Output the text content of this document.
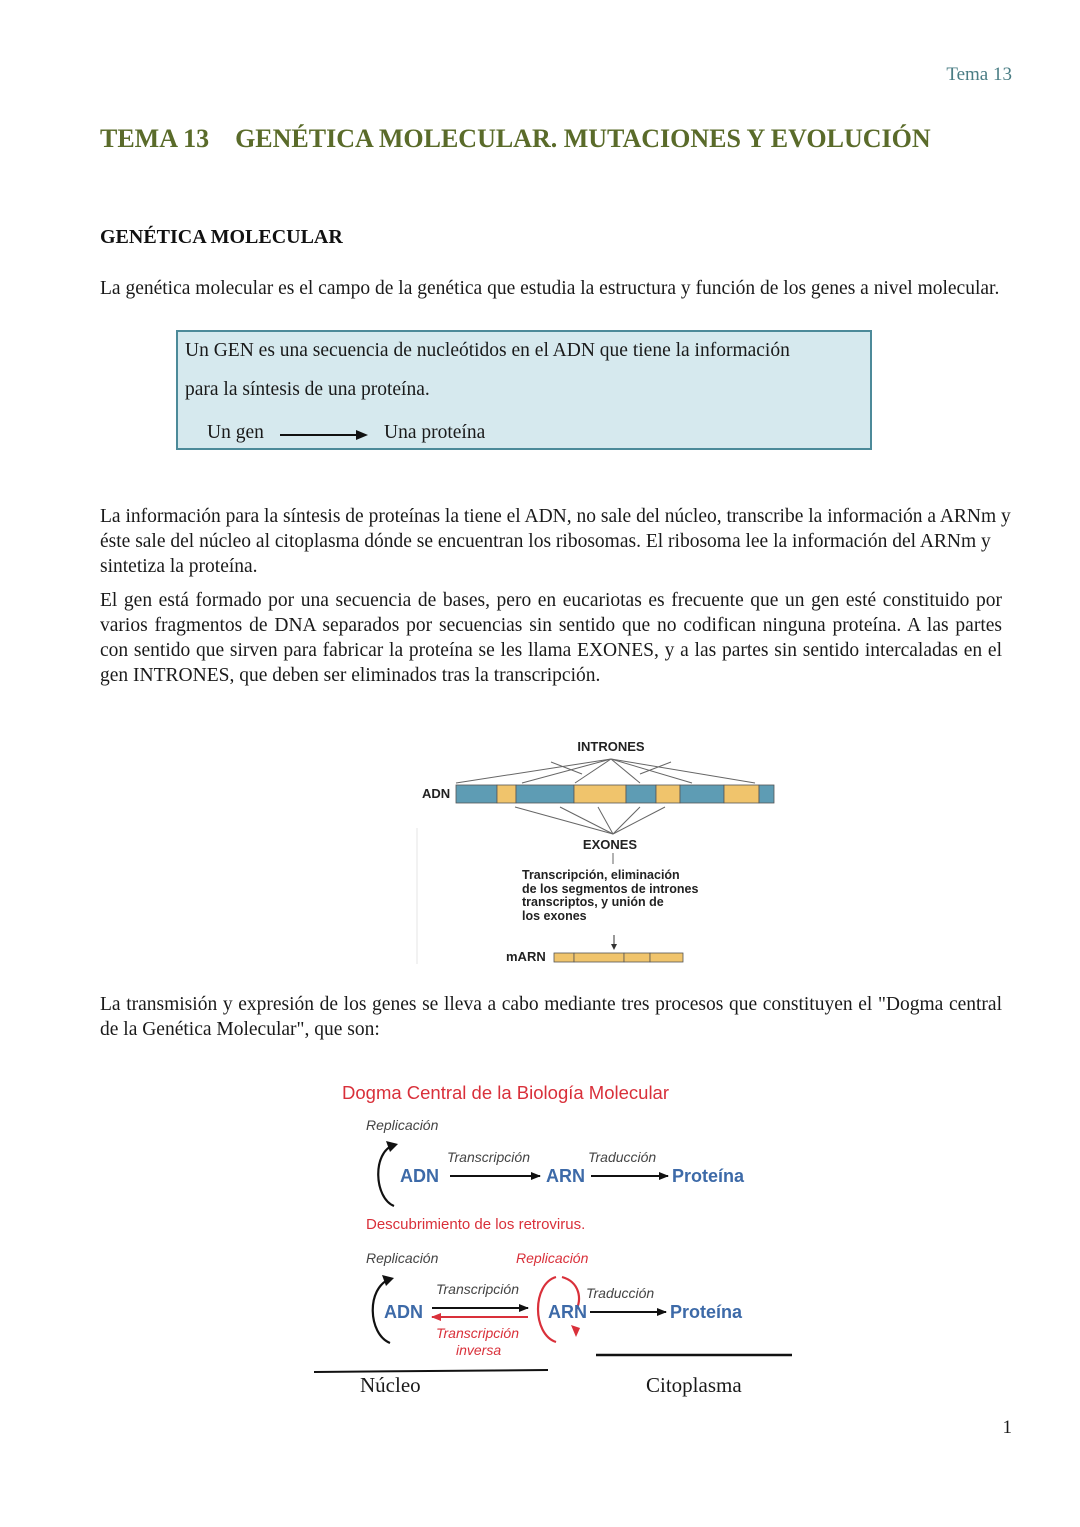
Tema 13
TEMA 13 GENÉTICA MOLECULAR. MUTACIONES Y EVOLUCIÓN
GENÉTICA MOLECULAR
La genética molecular es el campo de la genética que estudia la estructura y función de los genes a nivel molecular.
Un GEN es una secuencia de nucleótidos en el ADN que tiene la información
para la síntesis de una proteína.
Un gen	Una proteína
La información para la síntesis de proteínas la tiene el ADN, no sale del núcleo, transcribe la información a ARNm y éste sale del núcleo al citoplasma dónde se encuentran los ribosomas. El ribosoma lee la información del ARNm y sintetiza la proteína.
El gen está formado por una secuencia de bases, pero en eucariotas es frecuente que un gen esté constituido por varios fragmentos de DNA separados por secuencias sin sentido que no codifican ninguna proteína. A las partes con sentido que sirven para fabricar la proteína se les llama EXONES, y a las partes sin sentido intercaladas en el gen INTRONES, que deben ser eliminados tras la transcripción.
INTRONES
ADN
EXONES
Transcripción, eliminación
de los segmentos de intrones
transcriptos, y unión de
los exones
mARN
La transmisión y expresión de los genes se lleva a cabo mediante tres procesos que constituyen el "Dogma central de la Genética Molecular", que son:
Dogma Central de la Biología Molecular
Replicación
ADN
Transcripción
ARN
Traducción
Proteína
Descubrimiento de los retrovirus.
Replicación	Replicación
ADN
Transcripción
Transcripción
inversa
ARN
Traducción
Proteína
Núcleo	Citoplasma
1
